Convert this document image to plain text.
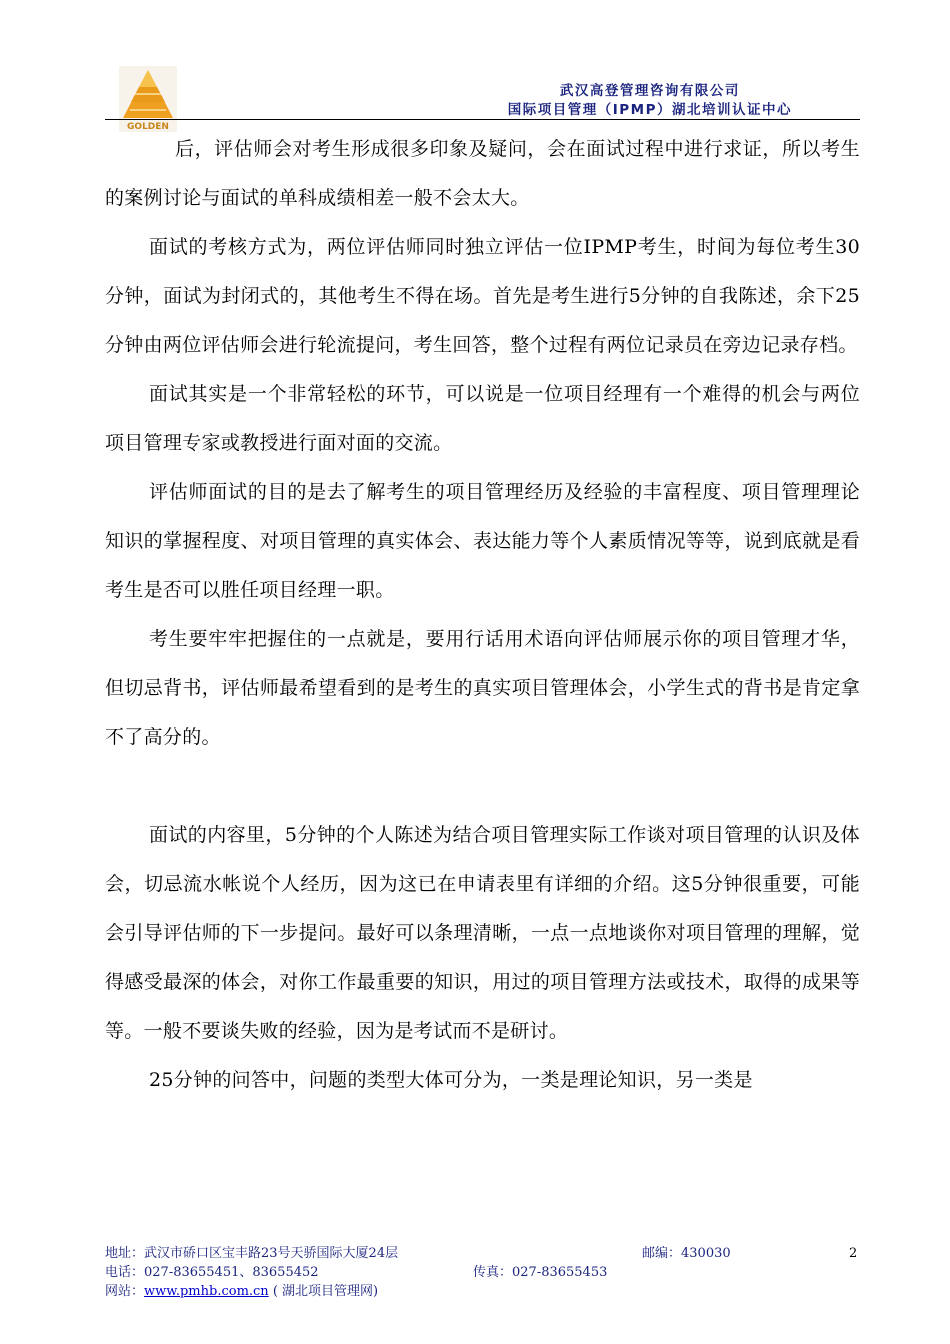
GOLDEN
武汉高登管理咨询有限公司
国际项目管理（IPMP）湖北培训认证中心

后，评估师会对考生形成很多印象及疑问，会在面试过程中进行求证，所以考生的案例讨论与面试的单科成绩相差一般不会太大。

面试的考核方式为，两位评估师同时独立评估一位IPMP考生，时间为每位考生30分钟，面试为封闭式的，其他考生不得在场。首先是考生进行5分钟的自我陈述，余下25分钟由两位评估师会进行轮流提问，考生回答，整个过程有两位记录员在旁边记录存档。

面试其实是一个非常轻松的环节，可以说是一位项目经理有一个难得的机会与两位项目管理专家或教授进行面对面的交流。

评估师面试的目的是去了解考生的项目管理经历及经验的丰富程度、项目管理理论知识的掌握程度、对项目管理的真实体会、表达能力等个人素质情况等等，说到底就是看考生是否可以胜任项目经理一职。

考生要牢牢把握住的一点就是，要用行话用术语向评估师展示你的项目管理才华，但切忌背书，评估师最希望看到的是考生的真实项目管理体会，小学生式的背书是肯定拿不了高分的。

面试的内容里，5分钟的个人陈述为结合项目管理实际工作谈对项目管理的认识及体会，切忌流水帐说个人经历，因为这已在申请表里有详细的介绍。这5分钟很重要，可能会引导评估师的下一步提问。最好可以条理清晰，一点一点地谈你对项目管理的理解，觉得感受最深的体会，对你工作最重要的知识，用过的项目管理方法或技术，取得的成果等等。一般不要谈失败的经验，因为是考试而不是研讨。

25分钟的问答中，问题的类型大体可分为，一类是理论知识，另一类是

地址：武汉市硚口区宝丰路23号天骄国际大厦24层	邮编：430030	2
电话：027-83655451、83655452	传真：027-83655453
网站：www.pmhb.com.cn ( 湖北项目管理网)
